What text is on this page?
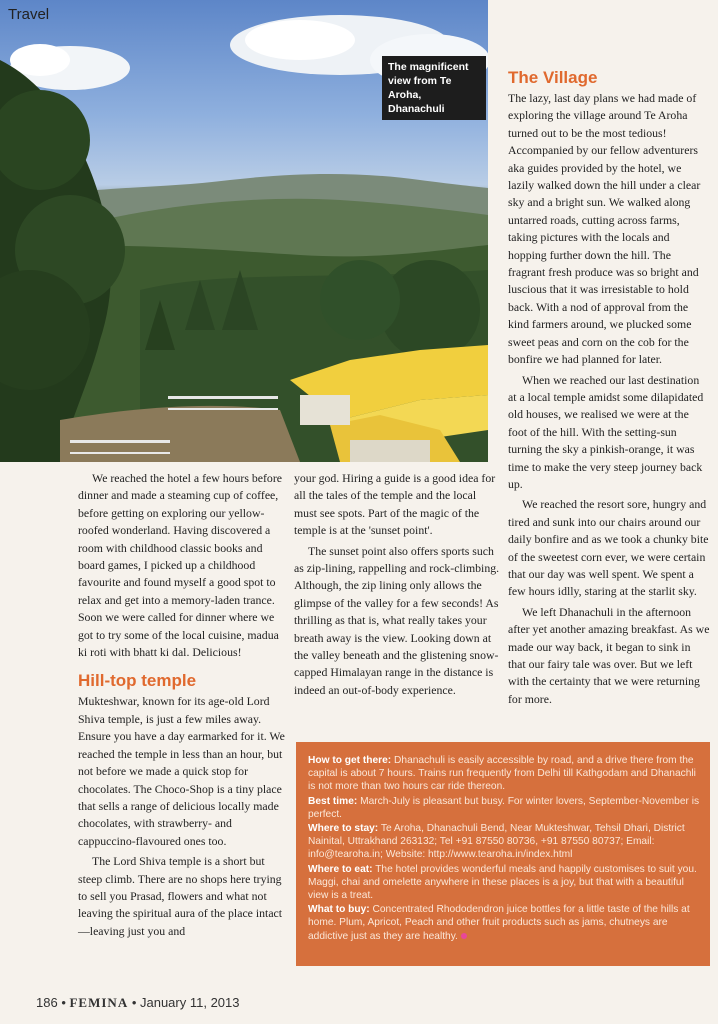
Travel
The magnificent view from Te Aroha, Dhanachuli

We reached the hotel a few hours before dinner and made a steaming cup of coffee, before getting on exploring our yellow-roofed wonderland. Having discovered a room with childhood classic books and board games, I picked up a childhood favourite and found myself a good spot to relax and get into a memory-laden trance. Soon we were called for dinner where we got to try some of the local cuisine, madua ki roti with bhatt ki dal. Delicious!

Hill-top temple

Mukteshwar, known for its age-old Lord Shiva temple, is just a few miles away. Ensure you have a day earmarked for it. We reached the temple in less than an hour, but not before we made a quick stop for chocolates. The Choco-Shop is a tiny place that sells a range of delicious locally made chocolates, with strawberry- and cappuccino-flavoured ones too.

The Lord Shiva temple is a short but steep climb. There are no shops here trying to sell you Prasad, flowers and what not leaving the spiritual aura of the place intact—leaving just you and

your god. Hiring a guide is a good idea for all the tales of the temple and the local must see spots. Part of the magic of the temple is at the 'sunset point'.

The sunset point also offers sports such as zip-lining, rappelling and rock-climbing. Although, the zip lining only allows the glimpse of the valley for a few seconds! As thrilling as that is, what really takes your breath away is the view. Looking down at the valley beneath and the glistening snow-capped Himalayan range in the distance is indeed an out-of-body experience.

The Village

The lazy, last day plans we had made of exploring the village around Te Aroha turned out to be the most tedious! Accompanied by our fellow adventurers aka guides provided by the hotel, we lazily walked down the hill under a clear sky and a bright sun. We walked along untarred roads, cutting across farms, taking pictures with the locals and hopping further down the hill. The fragrant fresh produce was so bright and luscious that it was irresistable to hold back. With a nod of approval from the kind farmers around, we plucked some sweet peas and corn on the cob for the bonfire we had planned for later.

When we reached our last destination at a local temple amidst some dilapidated old houses, we realised we were at the foot of the hill. With the setting-sun turning the sky a pinkish-orange, it was time to make the very steep journey back up.

We reached the resort sore, hungry and tired and sunk into our chairs around our daily bonfire and as we took a chunky bite of the sweetest corn ever, we were certain that our day was well spent. We spent a few hours idlly, staring at the starlit sky.

We left Dhanachuli in the afternoon after yet another amazing breakfast. As we made our way back, it began to sink in that our fairy tale was over. But we left with the certainty that we were returning for more.

How to get there: Dhanachuli is easily accessible by road, and a drive there from the capital is about 7 hours. Trains run frequently from Delhi till Kathgodam and Dhanachli is not more than two hours car ride thereon.

Best time: March-July is pleasant but busy. For winter lovers, September-November is perfect.

Where to stay: Te Aroha, Dhanachuli Bend, Near Mukteshwar, Tehsil Dhari, District Nainital, Uttrakhand 263132; Tel +91 87550 80736, +91 87550 80737; Email: info@tearoha.in; Website: http://www.tearoha.in/index.html

Where to eat: The hotel provides wonderful meals and happily customises to suit you. Maggi, chai and omelette anywhere in these places is a joy, but that with a beautiful view is a treat.

What to buy: Concentrated Rhododendron juice bottles for a little taste of the hills at home. Plum, Apricot, Peach and other fruit products such as jams, chutneys are addictive just as they are healthy.

186 • FEMINA • January 11, 2013
